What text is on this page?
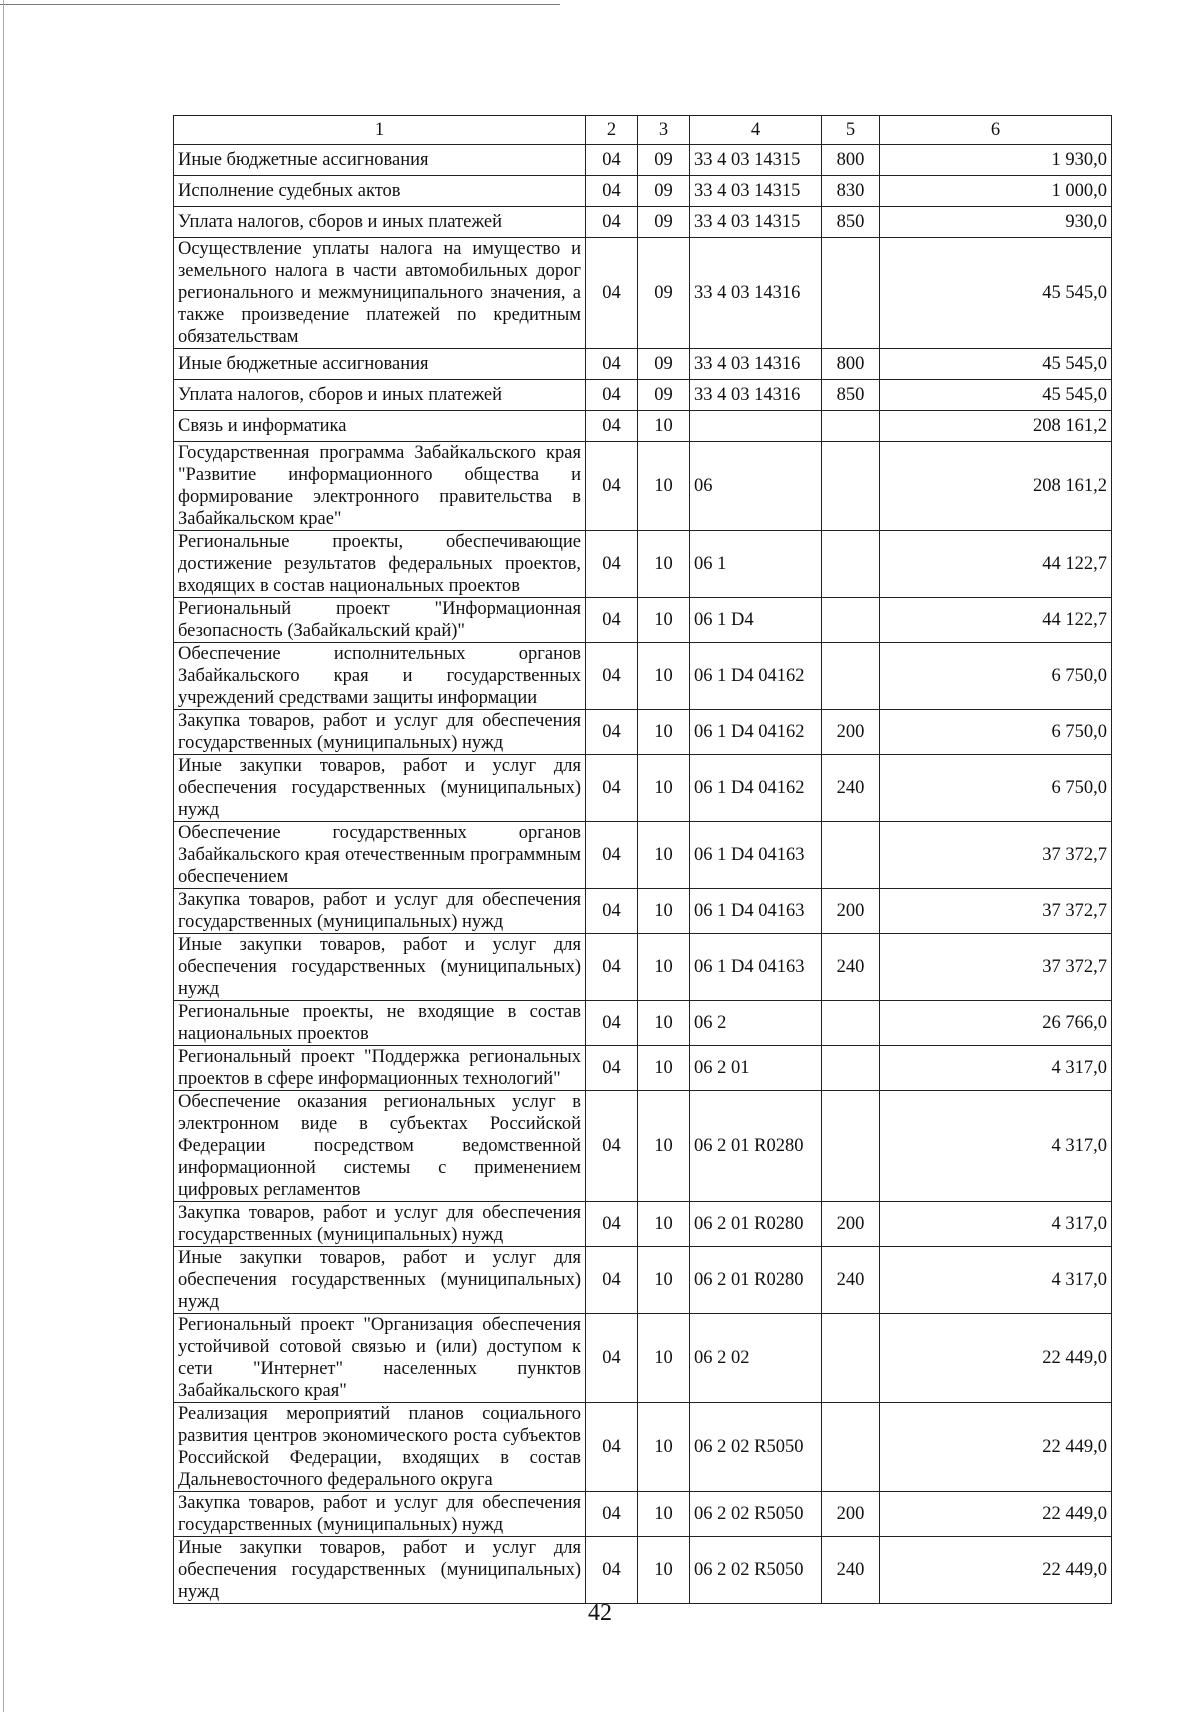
1	2	3	4	5	6
Иные бюджетные ассигнования	04	09	33 4 03 14315	800	1 930,0
Исполнение судебных актов	04	09	33 4 03 14315	830	1 000,0
Уплата налогов, сборов и иных платежей	04	09	33 4 03 14315	850	930,0
Осуществление уплаты налога на имущество и земельного налога в части автомобильных дорог регионального и межмуниципального значения, а также произведение платежей по кредитным обязательствам	04	09	33 4 03 14316		45 545,0
Иные бюджетные ассигнования	04	09	33 4 03 14316	800	45 545,0
Уплата налогов, сборов и иных платежей	04	09	33 4 03 14316	850	45 545,0
Связь и информатика	04	10			208 161,2
Государственная программа Забайкальского края "Развитие информационного общества и формирование электронного правительства в Забайкальском крае"	04	10	06		208 161,2
Региональные проекты, обеспечивающие достижение результатов федеральных проектов, входящих в состав национальных проектов	04	10	06 1		44 122,7
Региональный проект "Информационная безопасность (Забайкальский край)"	04	10	06 1 D4		44 122,7
Обеспечение исполнительных органов Забайкальского края и государственных учреждений средствами защиты информации	04	10	06 1 D4 04162		6 750,0
Закупка товаров, работ и услуг для обеспечения государственных (муниципальных) нужд	04	10	06 1 D4 04162	200	6 750,0
Иные закупки товаров, работ и услуг для обеспечения государственных (муниципальных) нужд	04	10	06 1 D4 04162	240	6 750,0
Обеспечение государственных органов Забайкальского края отечественным программным обеспечением	04	10	06 1 D4 04163		37 372,7
Закупка товаров, работ и услуг для обеспечения государственных (муниципальных) нужд	04	10	06 1 D4 04163	200	37 372,7
Иные закупки товаров, работ и услуг для обеспечения государственных (муниципальных) нужд	04	10	06 1 D4 04163	240	37 372,7
Региональные проекты, не входящие в состав национальных проектов	04	10	06 2		26 766,0
Региональный проект "Поддержка региональных проектов в сфере информационных технологий"	04	10	06 2 01		4 317,0
Обеспечение оказания региональных услуг в электронном виде в субъектах Российской Федерации посредством ведомственной информационной системы с применением цифровых регламентов	04	10	06 2 01 R0280		4 317,0
Закупка товаров, работ и услуг для обеспечения государственных (муниципальных) нужд	04	10	06 2 01 R0280	200	4 317,0
Иные закупки товаров, работ и услуг для обеспечения государственных (муниципальных) нужд	04	10	06 2 01 R0280	240	4 317,0
Региональный проект "Организация обеспечения устойчивой сотовой связью и (или) доступом к сети "Интернет" населенных пунктов Забайкальского края"	04	10	06 2 02		22 449,0
Реализация мероприятий планов социального развития центров экономического роста субъектов Российской Федерации, входящих в состав Дальневосточного федерального округа	04	10	06 2 02 R5050		22 449,0
Закупка товаров, работ и услуг для обеспечения государственных (муниципальных) нужд	04	10	06 2 02 R5050	200	22 449,0
Иные закупки товаров, работ и услуг для обеспечения государственных (муниципальных) нужд	04	10	06 2 02 R5050	240	22 449,0
42
